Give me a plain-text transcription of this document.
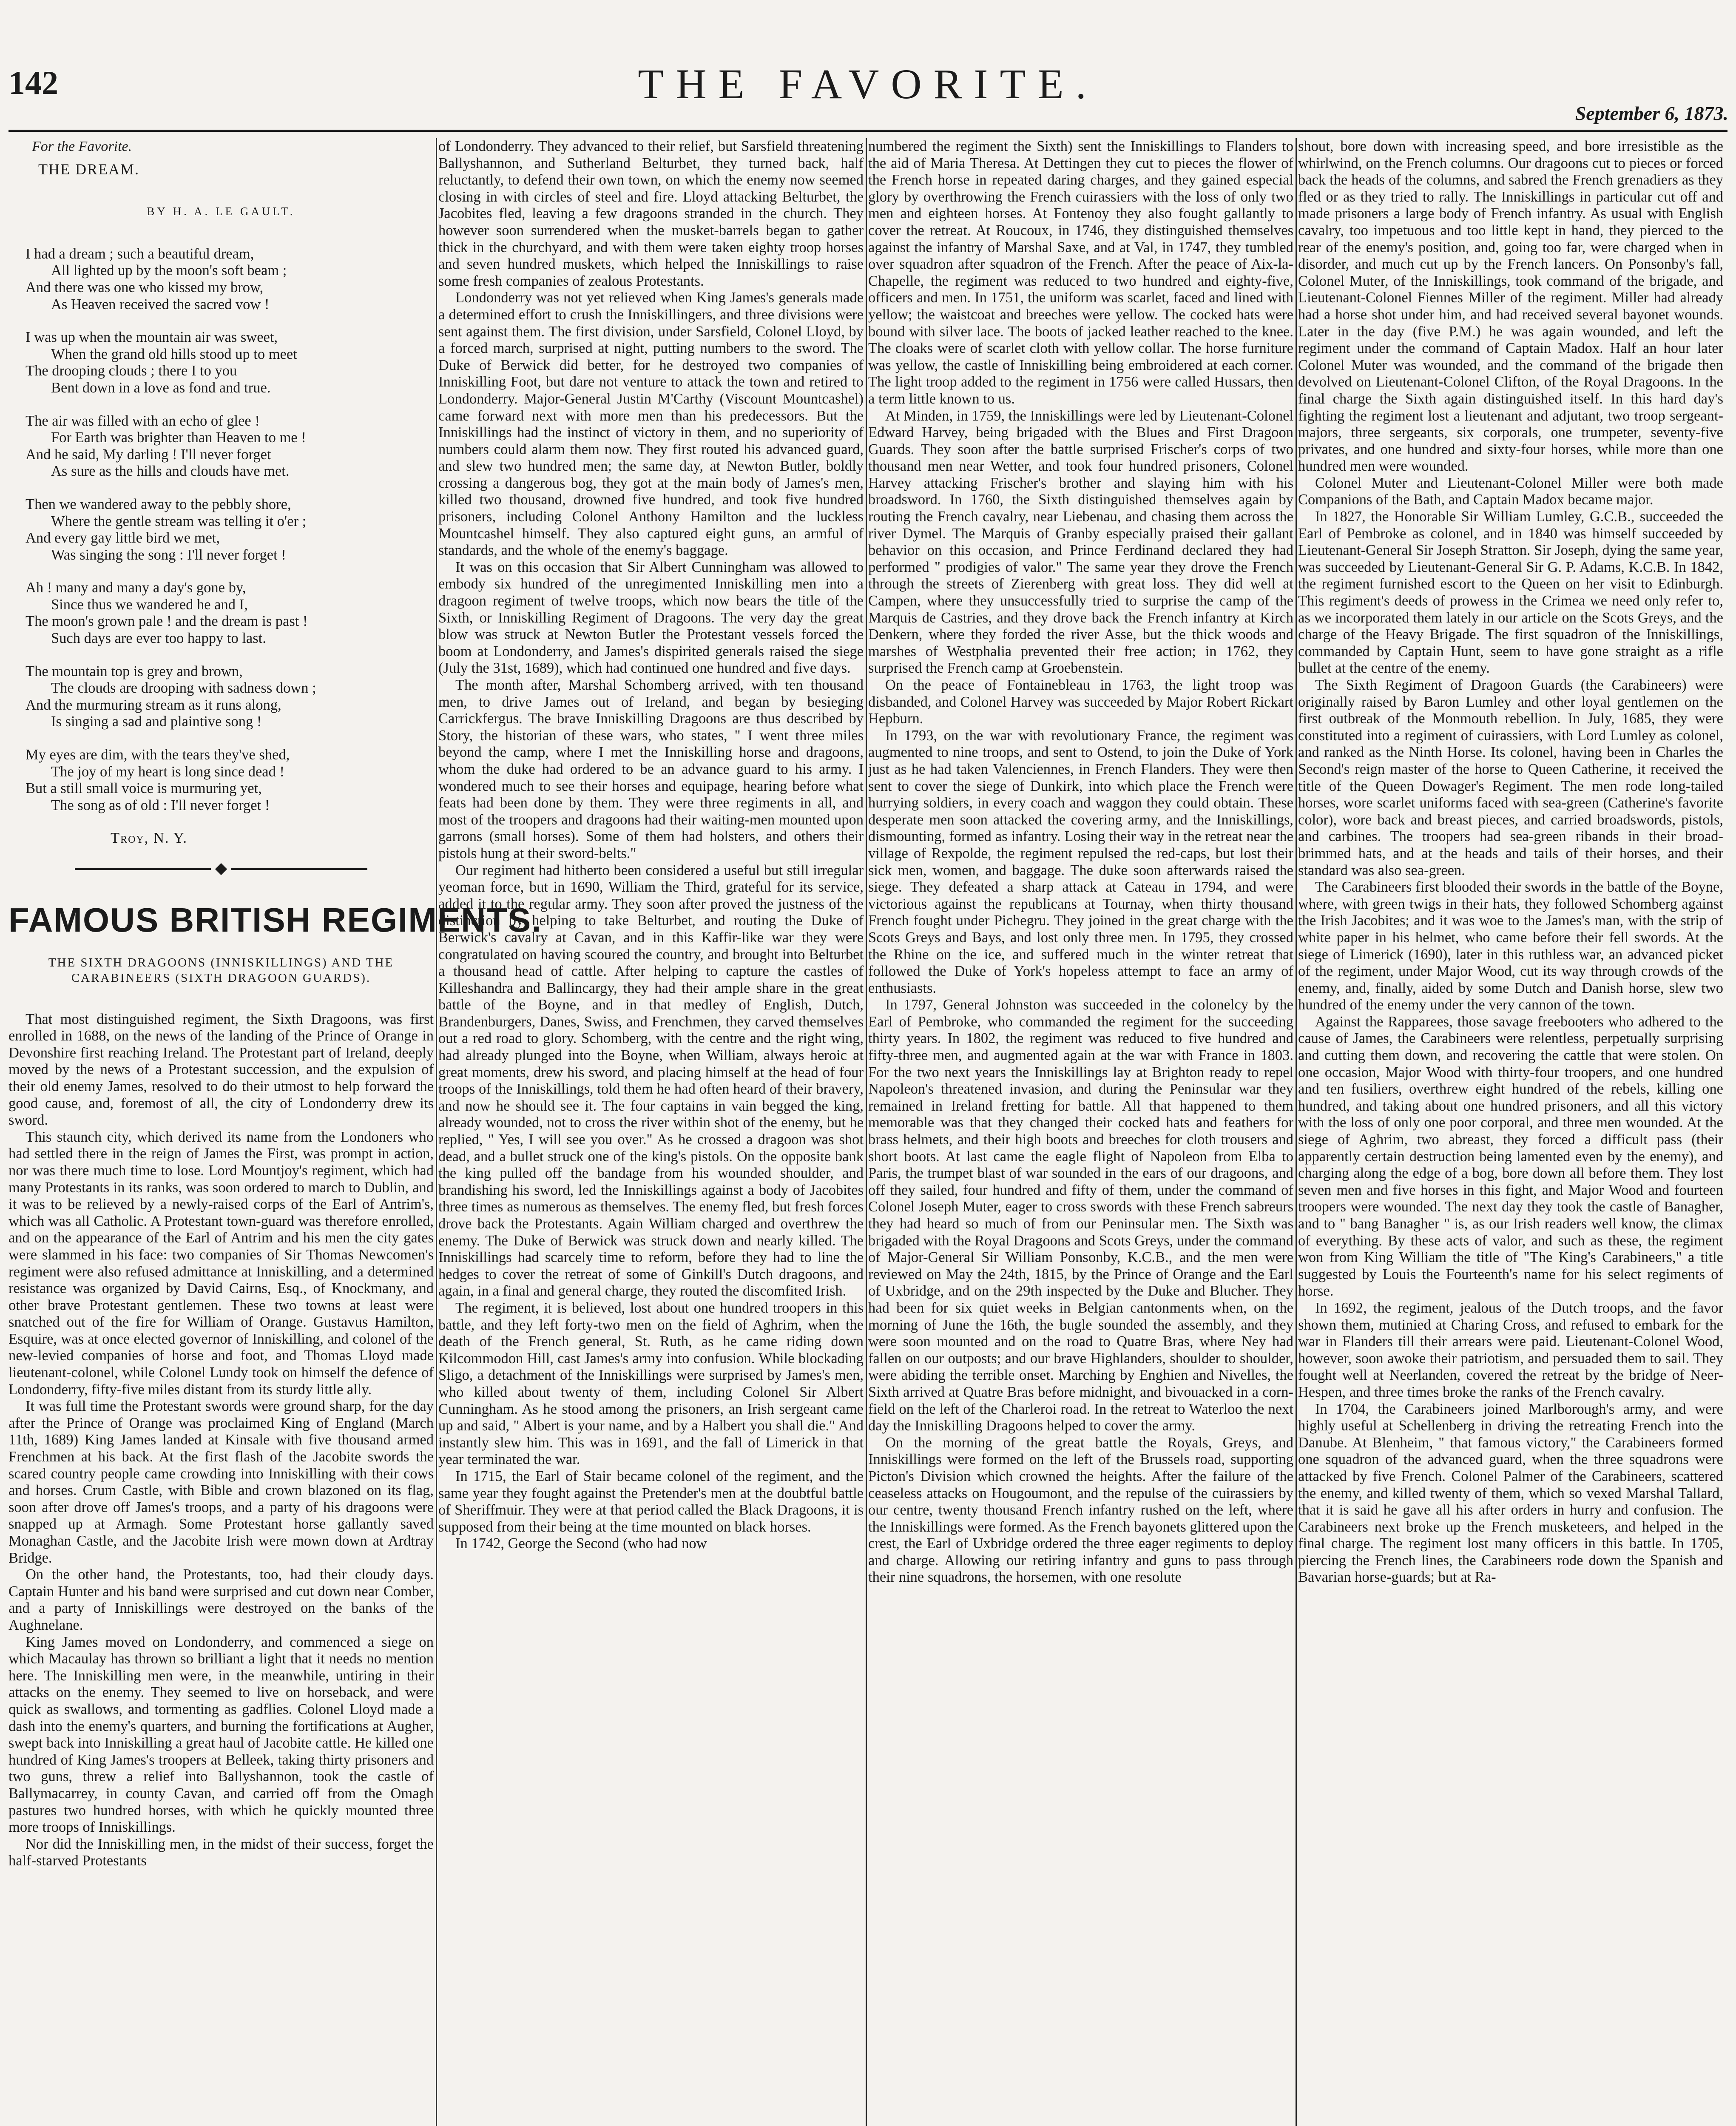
142	THE FAVORITE.
September 6, 1873.
For the Favorite.
THE DREAM.
BY H. A. LE GAULT.
I had a dream ; such a beautiful dream,
All lighted up by the moon's soft beam ;
And there was one who kissed my brow,
As Heaven received the sacred vow !
I was up when the mountain air was sweet,
When the grand old hills stood up to meet
The drooping clouds ; there I to you
Bent down in a love as fond and true.
The air was filled with an echo of glee !
For Earth was brighter than Heaven to me !
And he said, My darling ! I'll never forget
As sure as the hills and clouds have met.
Then we wandered away to the pebbly shore,
Where the gentle stream was telling it o'er ;
And every gay little bird we met,
Was singing the song : I'll never forget !
Ah ! many and many a day's gone by,
Since thus we wandered he and I,
The moon's grown pale ! and the dream is past !
Such days are ever too happy to last.
The mountain top is grey and brown,
The clouds are drooping with sadness down ;
And the murmuring stream as it runs along,
Is singing a sad and plaintive song !
My eyes are dim, with the tears they've shed,
The joy of my heart is long since dead !
But a still small voice is murmuring yet,
The song as of old : I'll never forget !
Troy, N. Y.
FAMOUS BRITISH REGIMENTS.
THE SIXTH DRAGOONS (INNISKILLINGS) AND THE CARABINEERS (SIXTH DRAGOON GUARDS).

That most distinguished regiment, the Sixth Dragoons, was first enrolled in 1688, on the news of the landing of the Prince of Orange in Devonshire first reaching Ireland. The Protestant part of Ireland, deeply moved by the news of a Protestant succession, and the expulsion of their old enemy James, resolved to do their utmost to help forward the good cause, and, foremost of all, the city of Londonderry drew its sword.

This staunch city, which derived its name from the Londoners who had settled there in the reign of James the First, was prompt in action, nor was there much time to lose. Lord Mountjoy's regiment, which had many Protestants in its ranks, was soon ordered to march to Dublin, and it was to be relieved by a newly-raised corps of the Earl of Antrim's, which was all Catholic. A Protestant town-guard was therefore enrolled, and on the appearance of the Earl of Antrim and his men the city gates were slammed in his face: two companies of Sir Thomas Newcomen's regiment were also refused admittance at Inniskilling, and a determined resistance was organized by David Cairns, Esq., of Knockmany, and other brave Protestant gentlemen. These two towns at least were snatched out of the fire for William of Orange. Gustavus Hamilton, Esquire, was at once elected governor of Inniskilling, and colonel of the new-levied companies of horse and foot, and Thomas Lloyd made lieutenant-colonel, while Colonel Lundy took on himself the defence of Londonderry, fifty-five miles distant from its sturdy little ally.

It was full time the Protestant swords were ground sharp, for the day after the Prince of Orange was proclaimed King of England (March 11th, 1689) King James landed at Kinsale with five thousand armed Frenchmen at his back. At the first flash of the Jacobite swords the scared country people came crowding into Inniskilling with their cows and horses. Crum Castle, with Bible and crown blazoned on its flag, soon after drove off James's troops, and a party of his dragoons were snapped up at Armagh. Some Protestant horse gallantly saved Monaghan Castle, and the Jacobite Irish were mown down at Ardtray Bridge.

On the other hand, the Protestants, too, had their cloudy days. Captain Hunter and his band were surprised and cut down near Comber, and a party of Inniskillings were destroyed on the banks of the Aughnelane.

King James moved on Londonderry, and commenced a siege on which Macaulay has thrown so brilliant a light that it needs no mention here. The Inniskilling men were, in the meanwhile, untiring in their attacks on the enemy. They seemed to live on horseback, and were quick as swallows, and tormenting as gadflies. Colonel Lloyd made a dash into the enemy's quarters, and burning the fortifications at Augher, swept back into Inniskilling a great haul of Jacobite cattle. He killed one hundred of King James's troopers at Belleek, taking thirty prisoners and two guns, threw a relief into Ballyshannon, took the castle of Ballymacarrey, in county Cavan, and carried off from the Omagh pastures two hundred horses, with which he quickly mounted three more troops of Inniskillings.

Nor did the Inniskilling men, in the midst of their success, forget the half-starved Protestants

of Londonderry. They advanced to their relief, but Sarsfield threatening Ballyshannon, and Sutherland Belturbet, they turned back, half reluctantly, to defend their own town, on which the enemy now seemed closing in with circles of steel and fire. Lloyd attacking Belturbet, the Jacobites fled, leaving a few dragoons stranded in the church. They however soon surrendered when the musket-barrels began to gather thick in the churchyard, and with them were taken eighty troop horses and seven hundred muskets, which helped the Inniskillings to raise some fresh companies of zealous Protestants.

Londonderry was not yet relieved when King James's generals made a determined effort to crush the Inniskillingers, and three divisions were sent against them. The first division, under Sarsfield, Colonel Lloyd, by a forced march, surprised at night, putting numbers to the sword. The Duke of Berwick did better, for he destroyed two companies of Inniskilling Foot, but dare not venture to attack the town and retired to Londonderry. Major-General Justin M'Carthy (Viscount Mountcashel) came forward next with more men than his predecessors. But the Inniskillings had the instinct of victory in them, and no superiority of numbers could alarm them now. They first routed his advanced guard, and slew two hundred men; the same day, at Newton Butler, boldly crossing a dangerous bog, they got at the main body of James's men, killed two thousand, drowned five hundred, and took five hundred prisoners, including Colonel Anthony Hamilton and the luckless Mountcashel himself. They also captured eight guns, an armful of standards, and the whole of the enemy's baggage.

It was on this occasion that Sir Albert Cunningham was allowed to embody six hundred of the unregimented Inniskilling men into a dragoon regiment of twelve troops, which now bears the title of the Sixth, or Inniskilling Regiment of Dragoons. The very day the great blow was struck at Newton Butler the Protestant vessels forced the boom at Londonderry, and James's dispirited generals raised the siege (July the 31st, 1689), which had continued one hundred and five days.

The month after, Marshal Schomberg arrived, with ten thousand men, to drive James out of Ireland, and began by besieging Carrickfergus. The brave Inniskilling Dragoons are thus described by Story, the historian of these wars, who states, " I went three miles beyond the camp, where I met the Inniskilling horse and dragoons, whom the duke had ordered to be an advance guard to his army. I wondered much to see their horses and equipage, hearing before what feats had been done by them. They were three regiments in all, and most of the troopers and dragoons had their waiting-men mounted upon garrons (small horses). Some of them had holsters, and others their pistols hung at their sword-belts."

Our regiment had hitherto been considered a useful but still irregular yeoman force, but in 1690, William the Third, grateful for its service, added it to the regular army. They soon after proved the justness of the distinction by helping to take Belturbet, and routing the Duke of Berwick's cavalry at Cavan, and in this Kaffir-like war they were congratulated on having scoured the country, and brought into Belturbet a thousand head of cattle. After helping to capture the castles of Killeshandra and Ballincargy, they had their ample share in the great battle of the Boyne, and in that medley of English, Dutch, Brandenburgers, Danes, Swiss, and Frenchmen, they carved themselves out a red road to glory. Schomberg, with the centre and the right wing, had already plunged into the Boyne, when William, always heroic at great moments, drew his sword, and placing himself at the head of four troops of the Inniskillings, told them he had often heard of their bravery, and now he should see it. The four captains in vain begged the king, already wounded, not to cross the river within shot of the enemy, but he replied, " Yes, I will see you over." As he crossed a dragoon was shot dead, and a bullet struck one of the king's pistols. On the opposite bank the king pulled off the bandage from his wounded shoulder, and brandishing his sword, led the Inniskillings against a body of Jacobites three times as numerous as themselves. The enemy fled, but fresh forces drove back the Protestants. Again William charged and overthrew the enemy. The Duke of Berwick was struck down and nearly killed. The Inniskillings had scarcely time to reform, before they had to line the hedges to cover the retreat of some of Ginkill's Dutch dragoons, and again, in a final and general charge, they routed the discomfited Irish.

The regiment, it is believed, lost about one hundred troopers in this battle, and they left forty-two men on the field of Aghrim, when the death of the French general, St. Ruth, as he came riding down Kilcommodon Hill, cast James's army into confusion. While blockading Sligo, a detachment of the Inniskillings were surprised by James's men, who killed about twenty of them, including Colonel Sir Albert Cunningham. As he stood among the prisoners, an Irish sergeant came up and said, " Albert is your name, and by a Halbert you shall die." And instantly slew him. This was in 1691, and the fall of Limerick in that year terminated the war.

In 1715, the Earl of Stair became colonel of the regiment, and the same year they fought against the Pretender's men at the doubtful battle of Sheriffmuir. They were at that period called the Black Dragoons, it is supposed from their being at the time mounted on black horses.

In 1742, George the Second (who had now

numbered the regiment the Sixth) sent the Inniskillings to Flanders to the aid of Maria Theresa. At Dettingen they cut to pieces the flower of the French horse in repeated daring charges, and they gained especial glory by overthrowing the French cuirassiers with the loss of only two men and eighteen horses. At Fontenoy they also fought gallantly to cover the retreat. At Roucoux, in 1746, they distinguished themselves against the infantry of Marshal Saxe, and at Val, in 1747, they tumbled over squadron after squadron of the French. After the peace of Aix-la-Chapelle, the regiment was reduced to two hundred and eighty-five, officers and men. In 1751, the uniform was scarlet, faced and lined with yellow; the waistcoat and breeches were yellow. The cocked hats were bound with silver lace. The boots of jacked leather reached to the knee. The cloaks were of scarlet cloth with yellow collar. The horse furniture was yellow, the castle of Inniskilling being embroidered at each corner. The light troop added to the regiment in 1756 were called Hussars, then a term little known to us.

At Minden, in 1759, the Inniskillings were led by Lieutenant-Colonel Edward Harvey, being brigaded with the Blues and First Dragoon Guards. They soon after the battle surprised Frischer's corps of two thousand men near Wetter, and took four hundred prisoners, Colonel Harvey attacking Frischer's brother and slaying him with his broadsword. In 1760, the Sixth distinguished themselves again by routing the French cavalry, near Liebenau, and chasing them across the river Dymel. The Marquis of Granby especially praised their gallant behavior on this occasion, and Prince Ferdinand declared they had performed " prodigies of valor." The same year they drove the French through the streets of Zierenberg with great loss. They did well at Campen, where they unsuccessfully tried to surprise the camp of the Marquis de Castries, and they drove back the French infantry at Kirch Denkern, where they forded the river Asse, but the thick woods and marshes of Westphalia prevented their free action; in 1762, they surprised the French camp at Groebenstein.

On the peace of Fontainebleau in 1763, the light troop was disbanded, and Colonel Harvey was succeeded by Major Robert Rickart Hepburn.

In 1793, on the war with revolutionary France, the regiment was augmented to nine troops, and sent to Ostend, to join the Duke of York just as he had taken Valenciennes, in French Flanders. They were then sent to cover the siege of Dunkirk, into which place the French were hurrying soldiers, in every coach and waggon they could obtain. These desperate men soon attacked the covering army, and the Inniskillings, dismounting, formed as infantry. Losing their way in the retreat near the village of Rexpolde, the regiment repulsed the red-caps, but lost their sick men, women, and baggage. The duke soon afterwards raised the siege. They defeated a sharp attack at Cateau in 1794, and were victorious against the republicans at Tournay, when thirty thousand French fought under Pichegru. They joined in the great charge with the Scots Greys and Bays, and lost only three men. In 1795, they crossed the Rhine on the ice, and suffered much in the winter retreat that followed the Duke of York's hopeless attempt to face an army of enthusiasts.

In 1797, General Johnston was succeeded in the colonelcy by the Earl of Pembroke, who commanded the regiment for the succeeding thirty years. In 1802, the regiment was reduced to five hundred and fifty-three men, and augmented again at the war with France in 1803. For the two next years the Inniskillings lay at Brighton ready to repel Napoleon's threatened invasion, and during the Peninsular war they remained in Ireland fretting for battle. All that happened to them memorable was that they changed their cocked hats and feathers for brass helmets, and their high boots and breeches for cloth trousers and short boots. At last came the eagle flight of Napoleon from Elba to Paris, the trumpet blast of war sounded in the ears of our dragoons, and off they sailed, four hundred and fifty of them, under the command of Colonel Joseph Muter, eager to cross swords with these French sabreurs they had heard so much of from our Peninsular men. The Sixth was brigaded with the Royal Dragoons and Scots Greys, under the command of Major-General Sir William Ponsonby, K.C.B., and the men were reviewed on May the 24th, 1815, by the Prince of Orange and the Earl of Uxbridge, and on the 29th inspected by the Duke and Blucher. They had been for six quiet weeks in Belgian cantonments when, on the morning of June the 16th, the bugle sounded the assembly, and they were soon mounted and on the road to Quatre Bras, where Ney had fallen on our outposts; and our brave Highlanders, shoulder to shoulder, were abiding the terrible onset. Marching by Enghien and Nivelles, the Sixth arrived at Quatre Bras before midnight, and bivouacked in a corn-field on the left of the Charleroi road. In the retreat to Waterloo the next day the Inniskilling Dragoons helped to cover the army.

On the morning of the great battle the Royals, Greys, and Inniskillings were formed on the left of the Brussels road, supporting Picton's Division which crowned the heights. After the failure of the ceaseless attacks on Hougoumont, and the repulse of the cuirassiers by our centre, twenty thousand French infantry rushed on the left, where the Inniskillings were formed. As the French bayonets glittered upon the crest, the Earl of Uxbridge ordered the three eager regiments to deploy and charge. Allowing our retiring infantry and guns to pass through their nine squadrons, the horsemen, with one resolute

shout, bore down with increasing speed, and bore irresistible as the whirlwind, on the French columns. Our dragoons cut to pieces or forced back the heads of the columns, and sabred the French grenadiers as they fled or as they tried to rally. The Inniskillings in particular cut off and made prisoners a large body of French infantry. As usual with English cavalry, too impetuous and too little kept in hand, they pierced to the rear of the enemy's position, and, going too far, were charged when in disorder, and much cut up by the French lancers. On Ponsonby's fall, Colonel Muter, of the Inniskillings, took command of the brigade, and Lieutenant-Colonel Fiennes Miller of the regiment. Miller had already had a horse shot under him, and had received several bayonet wounds. Later in the day (five P.M.) he was again wounded, and left the regiment under the command of Captain Madox. Half an hour later Colonel Muter was wounded, and the command of the brigade then devolved on Lieutenant-Colonel Clifton, of the Royal Dragoons. In the final charge the Sixth again distinguished itself. In this hard day's fighting the regiment lost a lieutenant and adjutant, two troop sergeant-majors, three sergeants, six corporals, one trumpeter, seventy-five privates, and one hundred and sixty-four horses, while more than one hundred men were wounded.

Colonel Muter and Lieutenant-Colonel Miller were both made Companions of the Bath, and Captain Madox became major.

In 1827, the Honorable Sir William Lumley, G.C.B., succeeded the Earl of Pembroke as colonel, and in 1840 was himself succeeded by Lieutenant-General Sir Joseph Stratton. Sir Joseph, dying the same year, was succeeded by Lieutenant-General Sir G. P. Adams, K.C.B. In 1842, the regiment furnished escort to the Queen on her visit to Edinburgh. This regiment's deeds of prowess in the Crimea we need only refer to, as we incorporated them lately in our article on the Scots Greys, and the charge of the Heavy Brigade. The first squadron of the Inniskillings, commanded by Captain Hunt, seem to have gone straight as a rifle bullet at the centre of the enemy.

The Sixth Regiment of Dragoon Guards (the Carabineers) were originally raised by Baron Lumley and other loyal gentlemen on the first outbreak of the Monmouth rebellion. In July, 1685, they were constituted into a regiment of cuirassiers, with Lord Lumley as colonel, and ranked as the Ninth Horse. Its colonel, having been in Charles the Second's reign master of the horse to Queen Catherine, it received the title of the Queen Dowager's Regiment. The men rode long-tailed horses, wore scarlet uniforms faced with sea-green (Catherine's favorite color), wore back and breast pieces, and carried broadswords, pistols, and carbines. The troopers had sea-green ribands in their broad-brimmed hats, and at the heads and tails of their horses, and their standard was also sea-green.

The Carabineers first blooded their swords in the battle of the Boyne, where, with green twigs in their hats, they followed Schomberg against the Irish Jacobites; and it was woe to the James's man, with the strip of white paper in his helmet, who came before their fell swords. At the siege of Limerick (1690), later in this ruthless war, an advanced picket of the regiment, under Major Wood, cut its way through crowds of the enemy, and, finally, aided by some Dutch and Danish horse, slew two hundred of the enemy under the very cannon of the town.

Against the Rapparees, those savage freebooters who adhered to the cause of James, the Carabineers were relentless, perpetually surprising and cutting them down, and recovering the cattle that were stolen. On one occasion, Major Wood with thirty-four troopers, and one hundred and ten fusiliers, overthrew eight hundred of the rebels, killing one hundred, and taking about one hundred prisoners, and all this victory with the loss of only one poor corporal, and three men wounded. At the siege of Aghrim, two abreast, they forced a difficult pass (their apparently certain destruction being lamented even by the enemy), and charging along the edge of a bog, bore down all before them. They lost seven men and five horses in this fight, and Major Wood and fourteen troopers were wounded. The next day they took the castle of Banagher, and to " bang Banagher " is, as our Irish readers well know, the climax of everything. By these acts of valor, and such as these, the regiment won from King William the title of "The King's Carabineers," a title suggested by Louis the Fourteenth's name for his select regiments of horse.

In 1692, the regiment, jealous of the Dutch troops, and the favor shown them, mutinied at Charing Cross, and refused to embark for the war in Flanders till their arrears were paid. Lieutenant-Colonel Wood, however, soon awoke their patriotism, and persuaded them to sail. They fought well at Neerlanden, covered the retreat by the bridge of Neer-Hespen, and three times broke the ranks of the French cavalry.

In 1704, the Carabineers joined Marlborough's army, and were highly useful at Schellenberg in driving the retreating French into the Danube. At Blenheim, " that famous victory," the Carabineers formed one squadron of the advanced guard, when the three squadrons were attacked by five French. Colonel Palmer of the Carabineers, scattered the enemy, and killed twenty of them, which so vexed Marshal Tallard, that it is said he gave all his after orders in hurry and confusion. The Carabineers next broke up the French musketeers, and helped in the final charge. The regiment lost many officers in this battle. In 1705, piercing the French lines, the Carabineers rode down the Spanish and Bavarian horse-guards; but at Ra-
